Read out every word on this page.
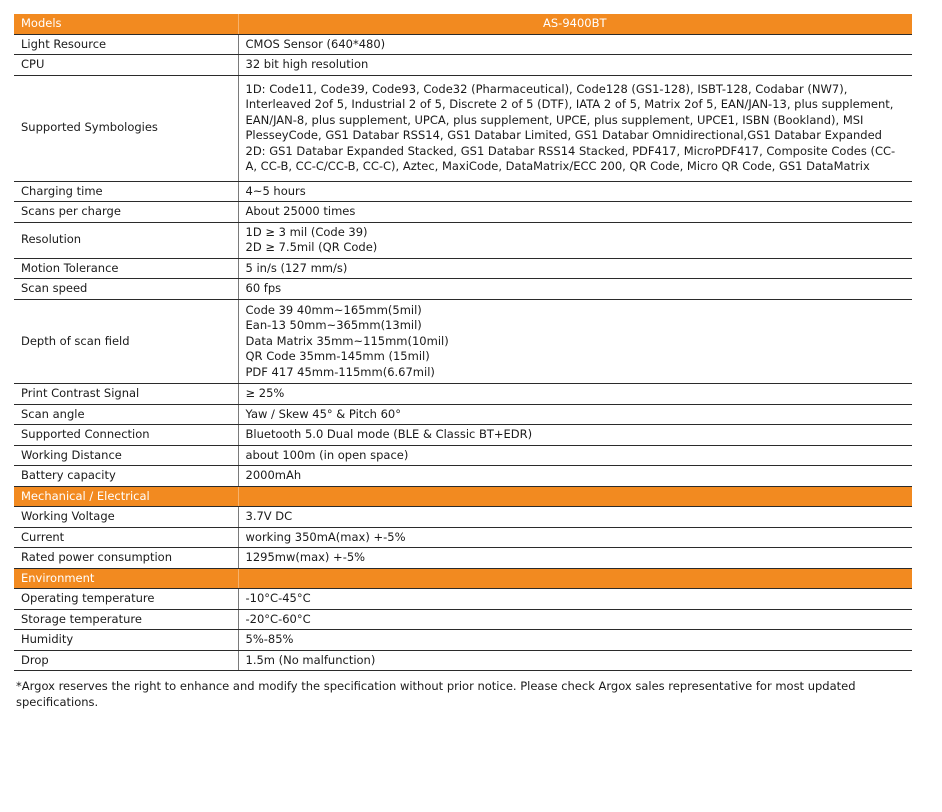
Models	AS-9400BT
Light Resource	CMOS Sensor (640*480)
CPU	32 bit high resolution
Supported Symbologies	1D: Code11, Code39, Code93, Code32 (Pharmaceutical), Code128 (GS1-128), ISBT-128, Codabar (NW7), Interleaved 2of 5, Industrial 2 of 5, Discrete 2 of 5 (DTF), IATA 2 of 5, Matrix 2of 5, EAN/JAN-13, plus supplement, EAN/JAN-8, plus supplement, UPCA, plus supplement, UPCE, plus supplement, UPCE1, ISBN (Bookland), MSI PlesseyCode, GS1 Databar RSS14, GS1 Databar Limited, GS1 Databar Omnidirectional,GS1 Databar Expanded
2D: GS1 Databar Expanded Stacked, GS1 Databar RSS14 Stacked, PDF417, MicroPDF417, Composite Codes (CC-A, CC-B, CC-C/CC-B, CC-C), Aztec, MaxiCode, DataMatrix/ECC 200, QR Code, Micro QR Code, GS1 DataMatrix
Charging time	4~5 hours
Scans per charge	About 25000 times
Resolution	1D ≥ 3 mil (Code 39)
2D ≥ 7.5mil (QR Code)
Motion Tolerance	5 in/s (127 mm/s)
Scan speed	60 fps
Depth of scan field	Code 39 40mm~165mm(5mil)
Ean-13 50mm~365mm(13mil)
Data Matrix 35mm~115mm(10mil)
QR Code 35mm-145mm (15mil)
PDF 417 45mm-115mm(6.67mil)
Print Contrast Signal	≥ 25%
Scan angle	Yaw / Skew 45° & Pitch 60°
Supported Connection	Bluetooth 5.0 Dual mode (BLE & Classic BT+EDR)
Working Distance	about 100m (in open space)
Battery capacity	2000mAh
Mechanical / Electrical	
Working Voltage	3.7V DC
Current	working 350mA(max) +-5%
Rated power consumption	1295mw(max) +-5%
Environment	
Operating temperature	-10°C-45°C
Storage temperature	-20°C-60°C
Humidity	5%-85%
Drop	1.5m (No malfunction)
*Argox reserves the right to enhance and modify the specification without prior notice. Please check Argox sales representative for most updated specifications.
